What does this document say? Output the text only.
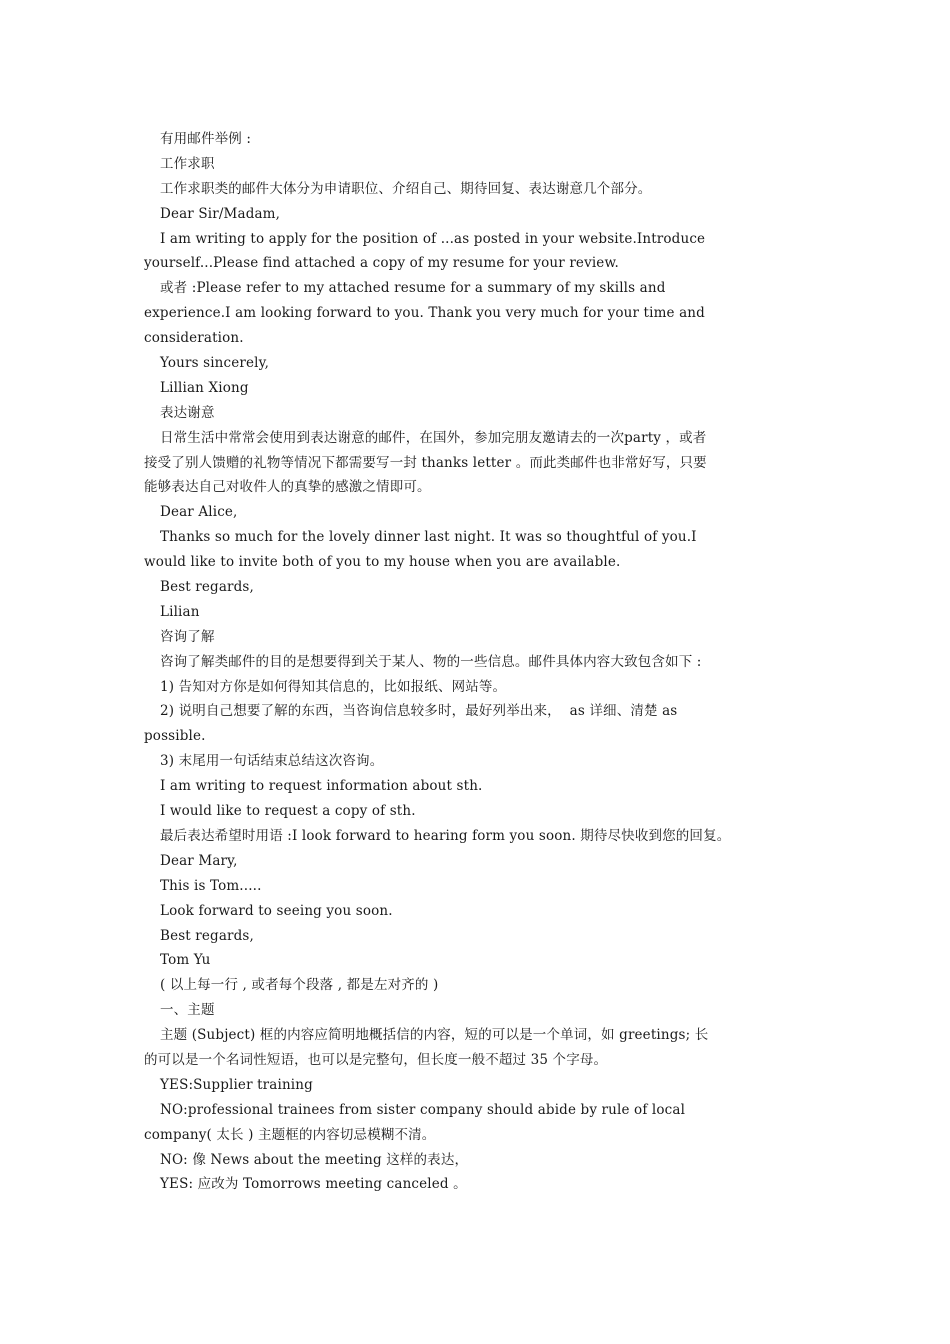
有用邮件举例 :
工作求职
工作求职类的邮件大体分为申请职位、介绍自己、期待回复、表达谢意几个部分。
Dear Sir/Madam,
I am writing to apply for the position of ...as posted in your website.Introduce
yourself...Please find attached a copy of my resume for your review.
或者 :Please refer to my attached resume for a summary of my skills and
experience.I am looking forward to you. Thank you very much for your time and
consideration.
Yours sincerely,
Lillian Xiong
表达谢意
日常生活中常常会使用到表达谢意的邮件，在国外，参加完朋友邀请去的一次party ，或者
接受了别人馈赠的礼物等情况下都需要写一封 thanks letter 。而此类邮件也非常好写，只要
能够表达自己对收件人的真挚的感激之情即可。
Dear Alice,
Thanks so much for the lovely dinner last night. It was so thoughtful of you.I
would like to invite both of you to my house when you are available.
Best regards,
Lilian
咨询了解
咨询了解类邮件的目的是想要得到关于某人、物的一些信息。邮件具体内容大致包含如下 :
1) 告知对方你是如何得知其信息的，比如报纸、网站等。
2) 说明自己想要了解的东西，当咨询信息较多时，最好列举出来，  as 详细、清楚 as
possible.
3) 末尾用一句话结束总结这次咨询。
I am writing to request information about sth.
I would like to request a copy of sth.
最后表达希望时用语 :I look forward to hearing form you soon. 期待尽快收到您的回复。
Dear Mary,
This is Tom.....
Look forward to seeing you soon.
Best regards,
Tom Yu
( 以上每一行 , 或者每个段落 , 都是左对齐的 )
一、主题
主题 (Subject) 框的内容应简明地概括信的内容，短的可以是一个单词，如 greetings; 长
的可以是一个名词性短语，也可以是完整句，但长度一般不超过 35 个字母。
YES:Supplier training
NO:professional trainees from sister company should abide by rule of local
company( 太长 ) 主题框的内容切忌模糊不清。
NO: 像 News about the meeting 这样的表达，
YES: 应改为 Tomorrows meeting canceled 。
